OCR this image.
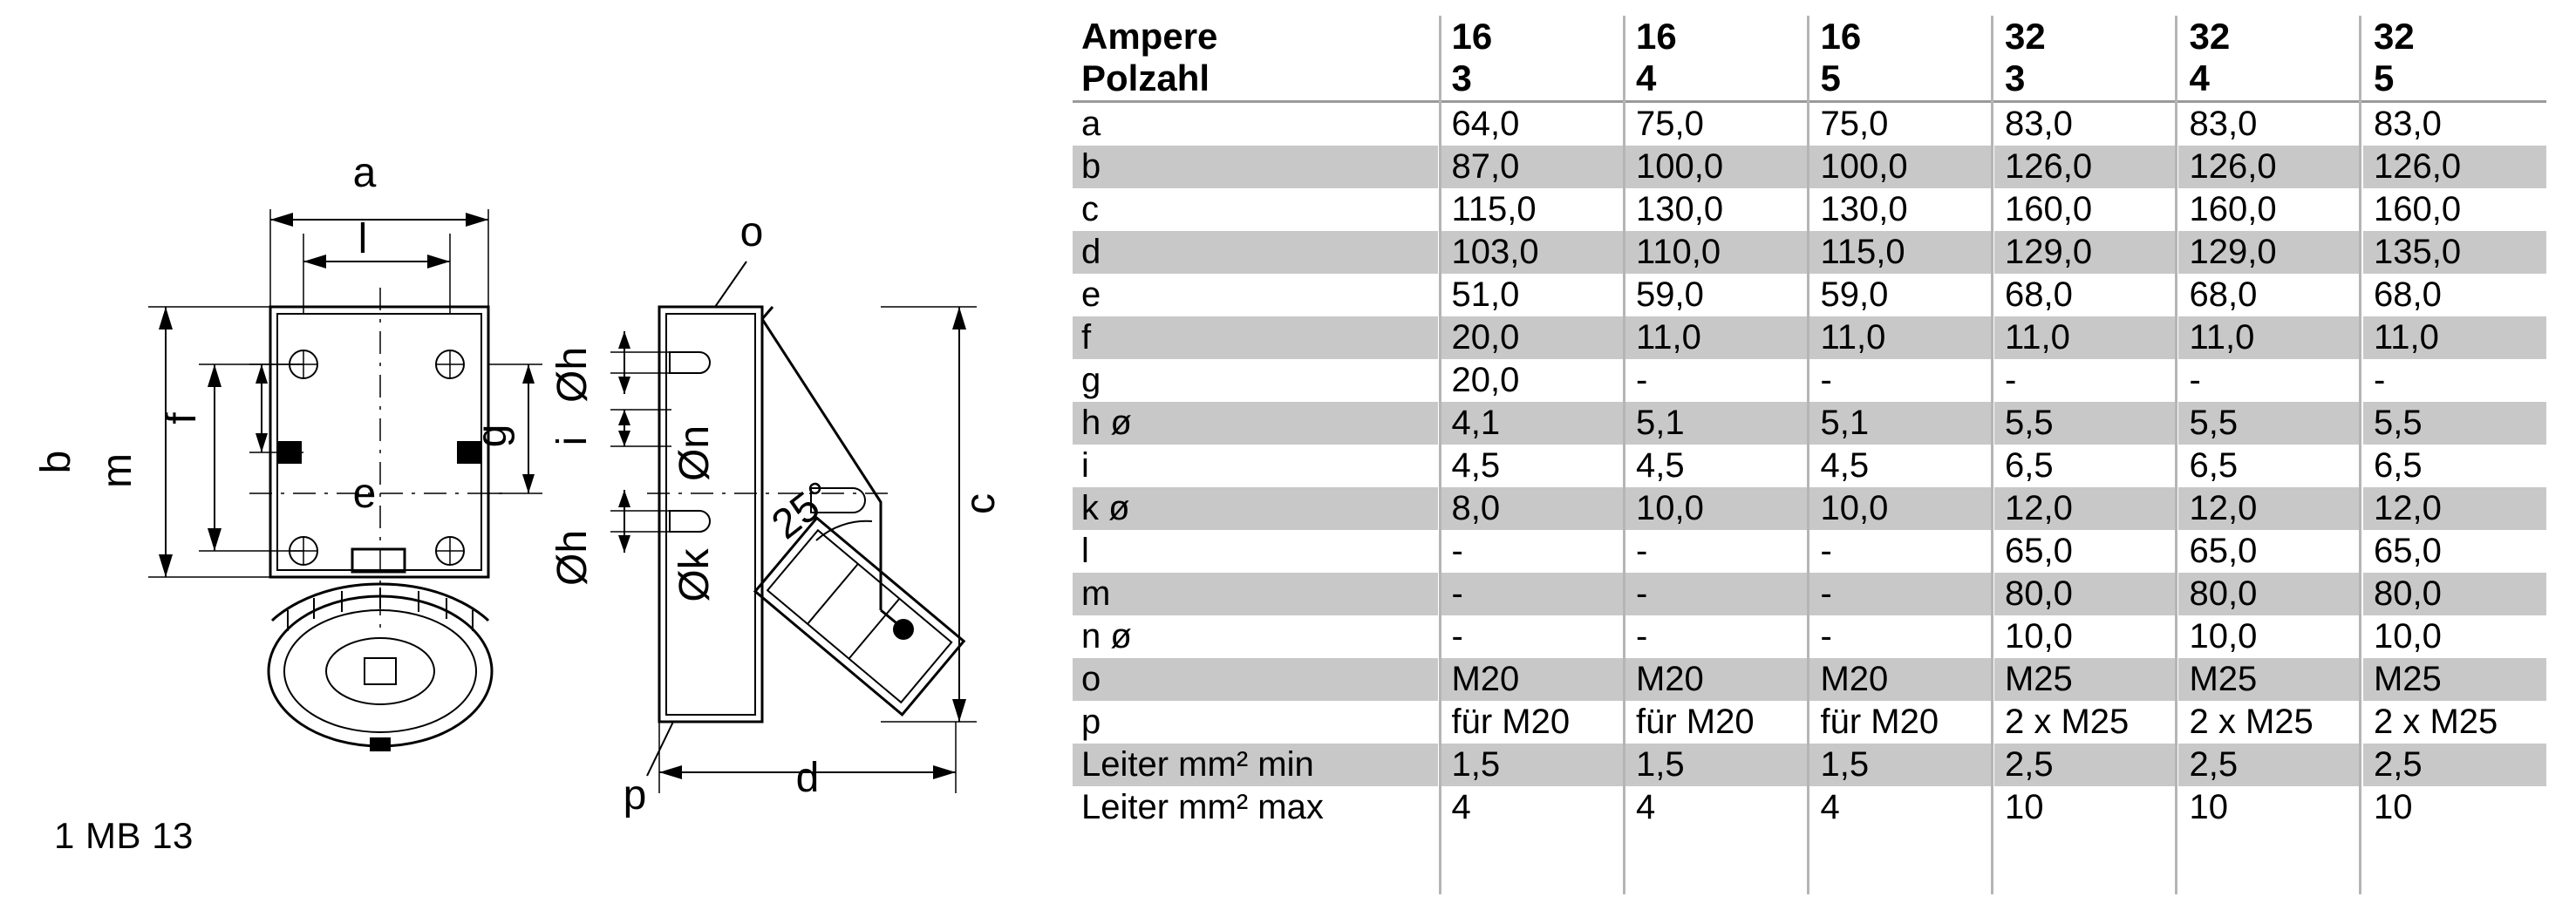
a
l
b m
f
g
e
o
Øh
i
Øh
Øn
Øk
25°	c
d
p
1 MB 13
Ampere	16	16	16	32	32	32
Polzahl	3	4	5	3	4	5

a	64,0	75,0	75,0	83,0	83,0	83,0
b	87,0	100,0	100,0	126,0	126,0	126,0
c	115,0	130,0	130,0	160,0	160,0	160,0
d	103,0	110,0	115,0	129,0	129,0	135,0
e	51,0	59,0	59,0	68,0	68,0	68,0
f	20,0	11,0	11,0	11,0	11,0	11,0
g	20,0	-	-	-	-	-
h ø	4,1	5,1	5,1	5,5	5,5	5,5
i	4,5	4,5	4,5	6,5	6,5	6,5
k ø	8,0	10,0	10,0	12,0	12,0	12,0
l	-	-	-	65,0	65,0	65,0
m	-	-	-	80,0	80,0	80,0
n ø	-	-	-	10,0	10,0	10,0
o	M20	M20	M20	M25	M25	M25
p	für M20	für M20	für M20	2 x M25	2 x M25	2 x M25
Leiter mm² min	1,5	1,5	1,5	2,5	2,5	2,5
Leiter mm² max	4	4	4	10	10	10
